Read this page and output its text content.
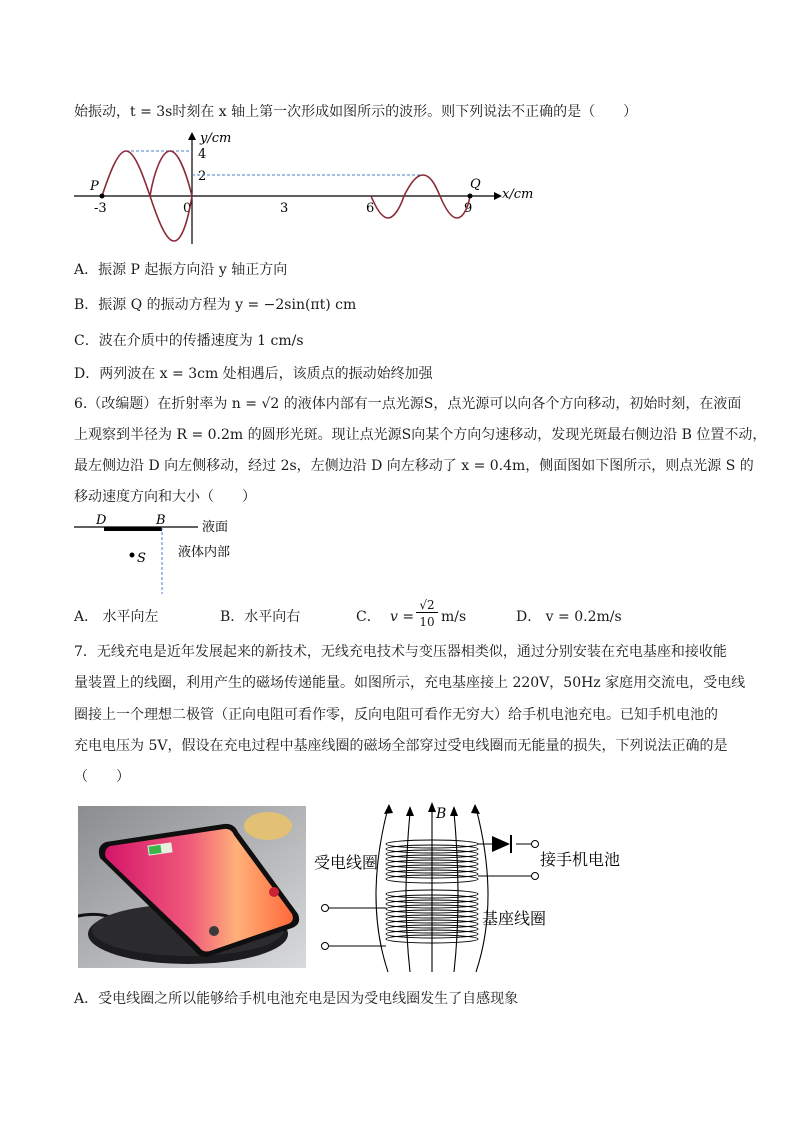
始振动，t = 3s时刻在 x 轴上第一次形成如图所示的波形。则下列说法不正确的是（　　）
y/cm
x/cm
4
2
-3	0	3	6	9
P	Q
A．振源 P 起振方向沿 y 轴正方向
B．振源 Q 的振动方程为 y = −2sin(πt) cm
C．波在介质中的传播速度为 1 cm/s
D．两列波在 x = 3cm 处相遇后，该质点的振动始终加强
6.（改编题）在折射率为 n = √2 的液体内部有一点光源S，点光源可以向各个方向移动，初始时刻，在液面
上观察到半径为 R = 0.2m 的圆形光斑。现让点光源S向某个方向匀速移动，发现光斑最右侧边沿 B 位置不动，
最左侧边沿 D 向左侧移动，经过 2s，左侧边沿 D 向左移动了 x = 0.4m，侧面图如下图所示，则点光源 S 的
移动速度方向和大小（　　）
D	B	液面
液体内部
S
A． 水平向左	B．水平向右	C． v =
√2
10 m/s	D． v = 0.2m/s
7．无线充电是近年发展起来的新技术，无线充电技术与变压器相类似，通过分别安装在充电基座和接收能
量装置上的线圈，利用产生的磁场传递能量。如图所示，充电基座接上 220V，50Hz 家庭用交流电，受电线
圈接上一个理想二极管（正向电阻可看作零，反向电阻可看作无穷大）给手机电池充电。已知手机电池的
充电电压为 5V，假设在充电过程中基座线圈的磁场全部穿过受电线圈而无能量的损失，下列说法正确的是
（　　）
B
接手机电池
受电线圈
基座线圈
A．受电线圈之所以能够给手机电池充电是因为受电线圈发生了自感现象
